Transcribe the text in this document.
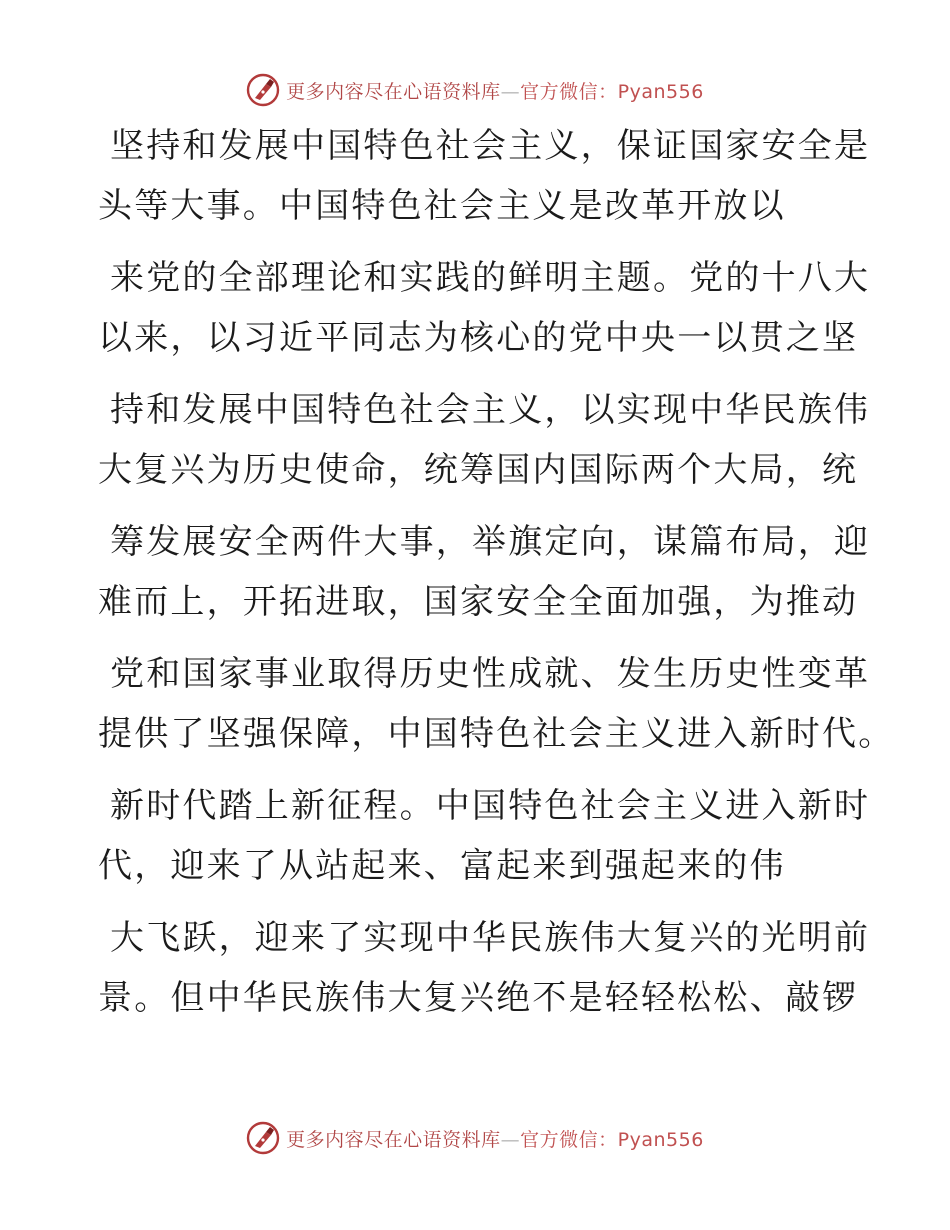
更多内容尽在心语资料库—官方微信：Pyan556
坚持和发展中国特色社会主义，保证国家安全是
头等大事。中国特色社会主义是改革开放以
来党的全部理论和实践的鲜明主题。党的十八大
以来，以习近平同志为核心的党中央一以贯之坚
持和发展中国特色社会主义，以实现中华民族伟
大复兴为历史使命，统筹国内国际两个大局，统
筹发展安全两件大事，举旗定向，谋篇布局，迎
难而上，开拓进取，国家安全全面加强，为推动
党和国家事业取得历史性成就、发生历史性变革
提供了坚强保障，中国特色社会主义进入新时代。
新时代踏上新征程。中国特色社会主义进入新时
代，迎来了从站起来、富起来到强起来的伟
大飞跃，迎来了实现中华民族伟大复兴的光明前
景。但中华民族伟大复兴绝不是轻轻松松、敲锣
更多内容尽在心语资料库—官方微信：Pyan556
